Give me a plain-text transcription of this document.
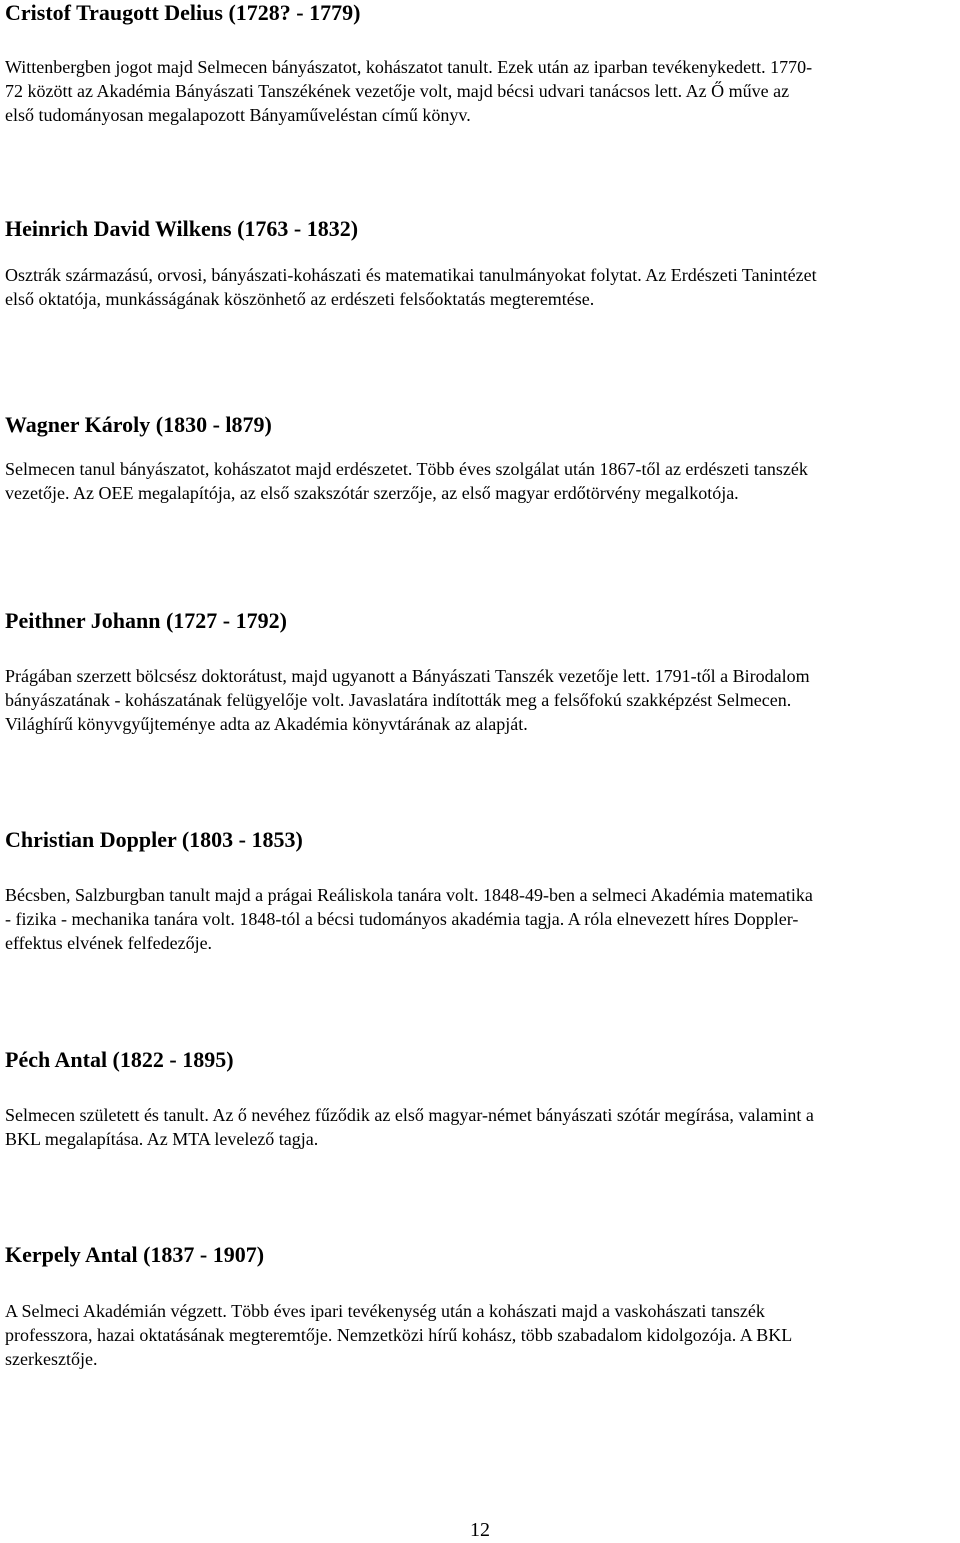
Cristof Traugott Delius (1728? - 1779)

Wittenbergben jogot majd Selmecen bányászatot, kohászatot tanult. Ezek után az iparban tevékenykedett. 1770-

72 között az Akadémia Bányászati Tanszékének vezetője volt, majd bécsi udvari tanácsos lett. Az Ő műve az

első tudományosan megalapozott Bányaműveléstan című könyv.

Heinrich David Wilkens (1763 - 1832)

Osztrák származású, orvosi, bányászati-kohászati és matematikai tanulmányokat folytat. Az Erdészeti Tanintézet

első oktatója, munkásságának köszönhető az erdészeti felsőoktatás megteremtése.

Wagner Károly (1830 - l879)

Selmecen tanul bányászatot, kohászatot majd erdészetet. Több éves szolgálat után 1867-től az erdészeti tanszék

vezetője. Az OEE megalapítója, az első szakszótár szerzője, az első magyar erdőtörvény megalkotója.

Peithner Johann (1727 - 1792)

Prágában szerzett bölcsész doktorátust, majd ugyanott a Bányászati Tanszék vezetője lett. 1791-től a Birodalom

bányászatának - kohászatának felügyelője volt. Javaslatára indították meg a felsőfokú szakképzést Selmecen.

Világhírű könyvgyűjteménye adta az Akadémia könyvtárának az alapját.

Christian Doppler (1803 - 1853)

Bécsben, Salzburgban tanult majd a prágai Reáliskola tanára volt. 1848-49-ben a selmeci Akadémia matematika

- fizika - mechanika tanára volt. 1848-tól a bécsi tudományos akadémia tagja. A róla elnevezett híres Doppler-

effektus elvének felfedezője.

Péch Antal (1822 - 1895)

Selmecen született és tanult. Az ő nevéhez fűződik az első magyar-német bányászati szótár megírása, valamint a

BKL megalapítása. Az MTA levelező tagja.

Kerpely Antal (1837 - 1907)

A Selmeci Akadémián végzett. Több éves ipari tevékenység után a kohászati majd a vaskohászati tanszék

professzora, hazai oktatásának megteremtője. Nemzetközi hírű kohász, több szabadalom kidolgozója. A BKL

szerkesztője.

12
